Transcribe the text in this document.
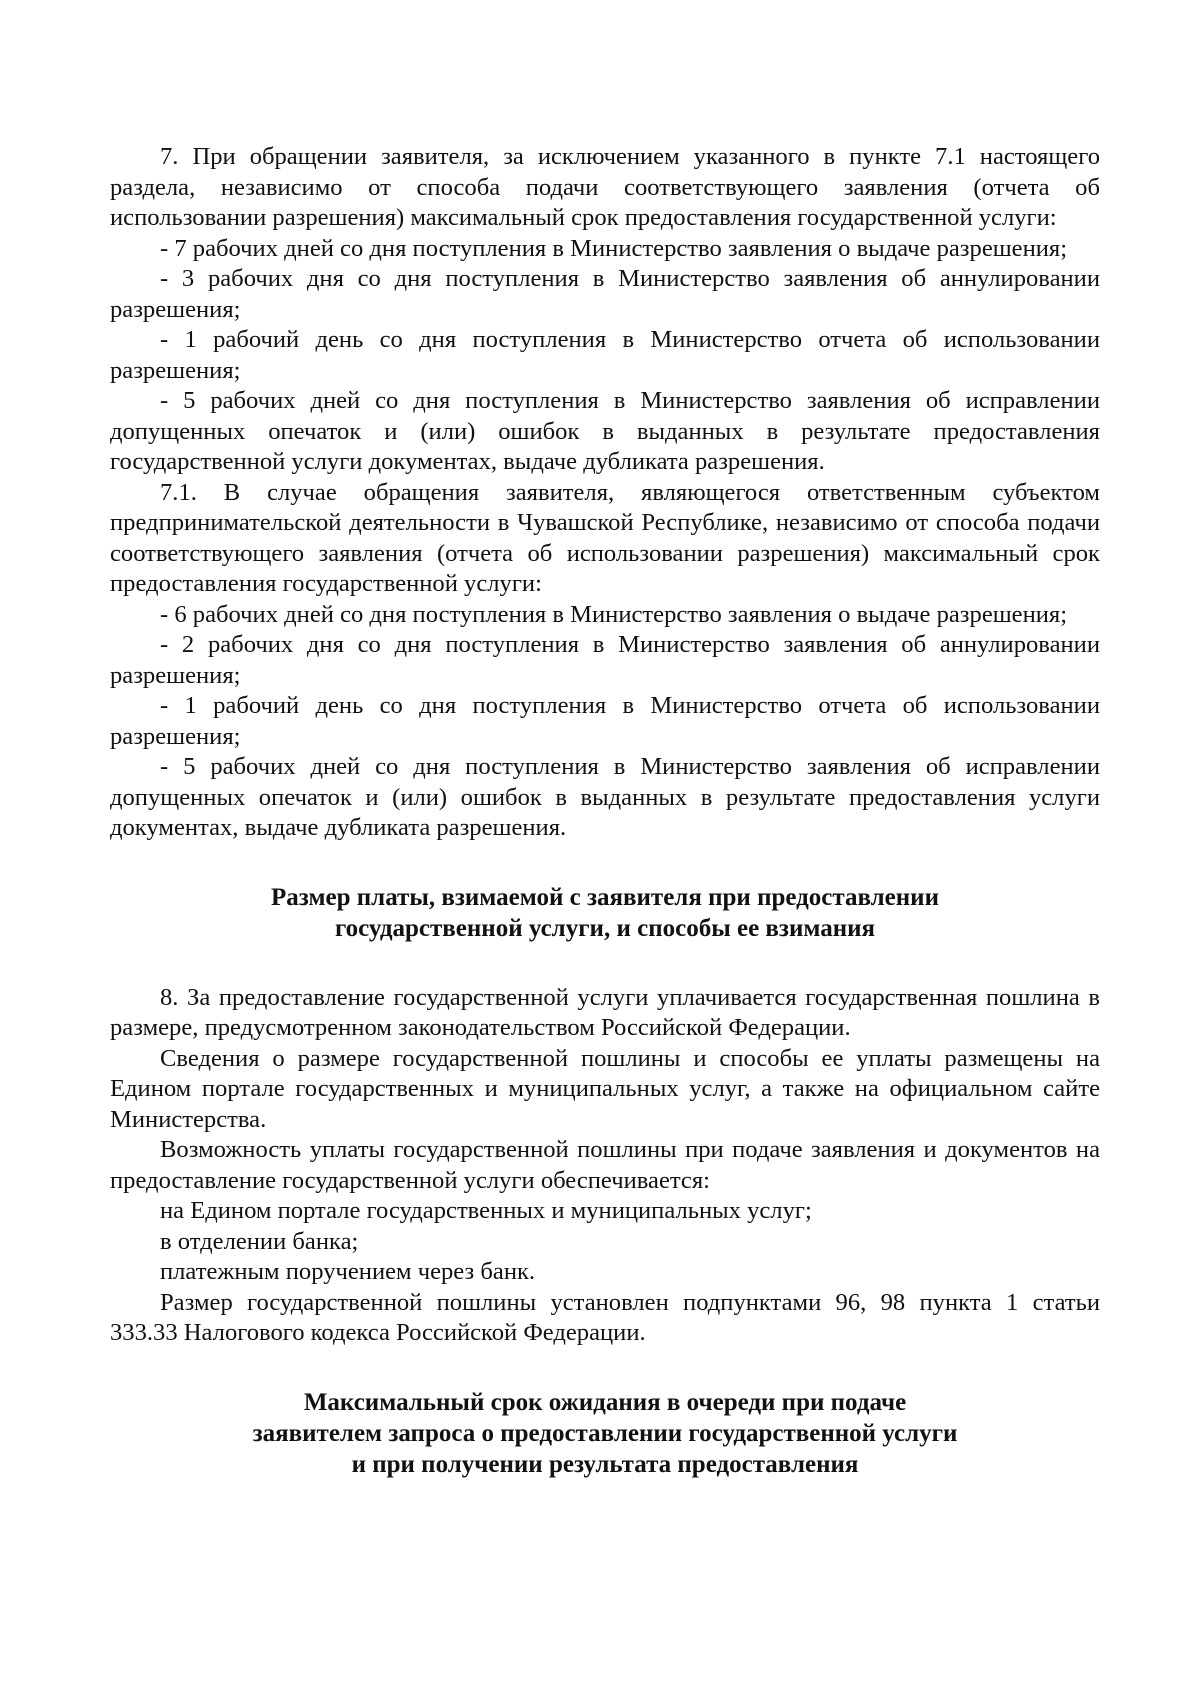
7. При обращении заявителя, за исключением указанного в пункте 7.1 настоящего раздела, независимо от способа подачи соответствующего заявления (отчета об использовании разрешения) максимальный срок предоставления государственной услуги:

- 7 рабочих дней со дня поступления в Министерство заявления о выдаче разрешения;

- 3 рабочих дня со дня поступления в Министерство заявления об аннулировании разрешения;

- 1 рабочий день со дня поступления в Министерство отчета об использовании разрешения;

- 5 рабочих дней со дня поступления в Министерство заявления об исправлении допущенных опечаток и (или) ошибок в выданных в результате предоставления государственной услуги документах, выдаче дубликата разрешения.

7.1. В случае обращения заявителя, являющегося ответственным субъектом предпринимательской деятельности в Чувашской Республике, независимо от способа подачи соответствующего заявления (отчета об использовании разрешения) максимальный срок предоставления государственной услуги:

- 6 рабочих дней со дня поступления в Министерство заявления о выдаче разрешения;

- 2 рабочих дня со дня поступления в Министерство заявления об аннулировании разрешения;

- 1 рабочий день со дня поступления в Министерство отчета об использовании разрешения;

- 5 рабочих дней со дня поступления в Министерство заявления об исправлении допущенных опечаток и (или) ошибок в выданных в результате предоставления услуги документах, выдаче дубликата разрешения.

Размер платы, взимаемой с заявителя при предоставлении

государственной услуги, и способы ее взимания

8. За предоставление государственной услуги уплачивается государственная пошлина в размере, предусмотренном законодательством Российской Федерации.

Сведения о размере государственной пошлины и способы ее уплаты размещены на Едином портале государственных и муниципальных услуг, а также на официальном сайте Министерства.

Возможность уплаты государственной пошлины при подаче заявления и документов на предоставление государственной услуги обеспечивается:

на Едином портале государственных и муниципальных услуг;

в отделении банка;

платежным поручением через банк.

Размер государственной пошлины установлен подпунктами 96, 98 пункта 1 статьи 333.33 Налогового кодекса Российской Федерации.

Максимальный срок ожидания в очереди при подаче

заявителем запроса о предоставлении государственной услуги

и при получении результата предоставления
